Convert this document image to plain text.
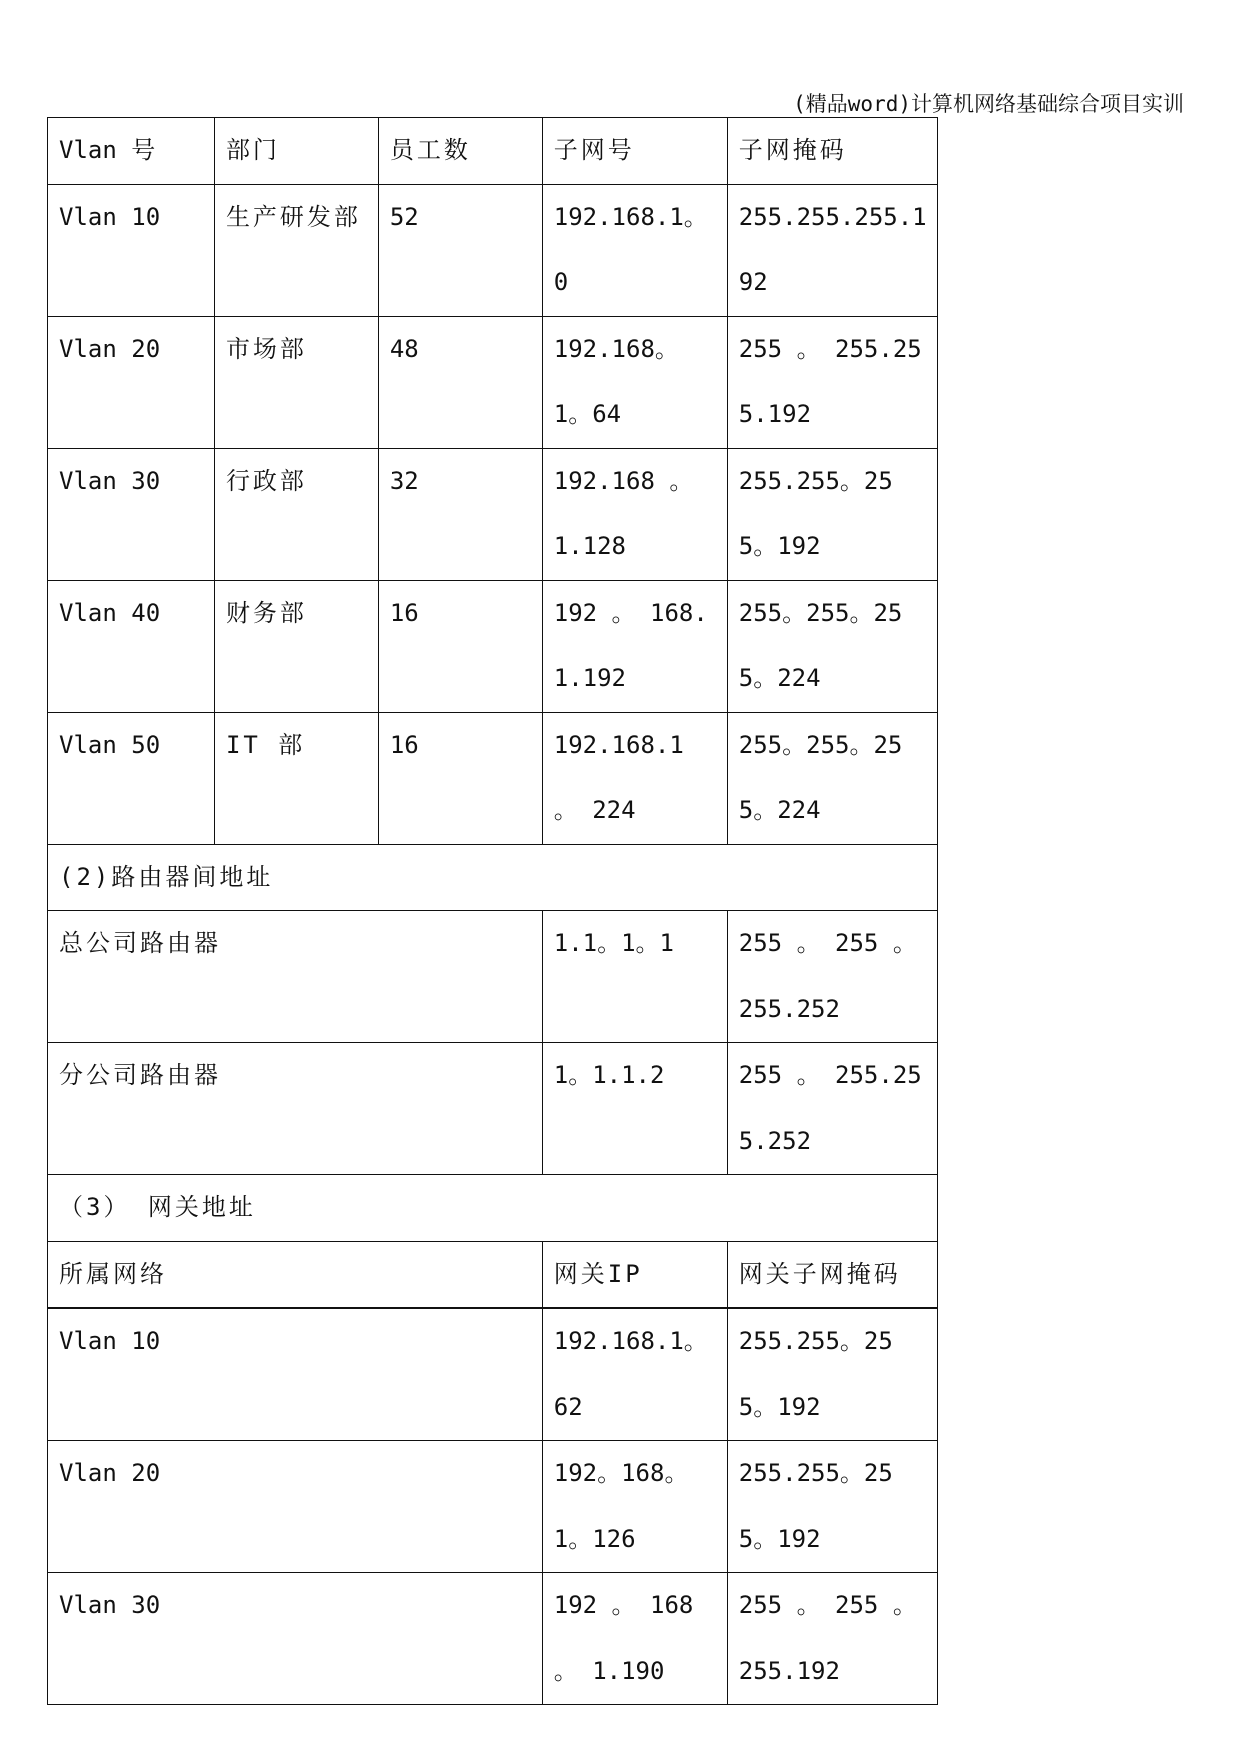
(精品word)计算机网络基础综合项目实训
Vlan 号	部门	员工数	子网号	子网掩码
Vlan 10	生产研发部	52	192.168.1。0	255.255.255.192
Vlan 20	市场部	48	192.168。1。64	255 。 255.255.192
Vlan 30	行政部	32	192.168 。 1.128	255.255。255。192
Vlan 40	财务部	16	192 。 168.1.192	255。255。255。224
Vlan 50	IT 部	16	192.168.1 。 224	255。255。255。224
(2)路由器间地址				
总公司路由器			1.1。1。1	255 。 255 。 255.252
分公司路由器			1。1.1.2	255 。 255.255.252
（3） 网关地址				
所属网络			网关IP	网关子网掩码
Vlan 10			192.168.1。62	255.255。255。192
Vlan 20			192。168。1。126	255.255。255。192
Vlan 30			192 。 168 。 1.190	255 。 255 。 255.192
